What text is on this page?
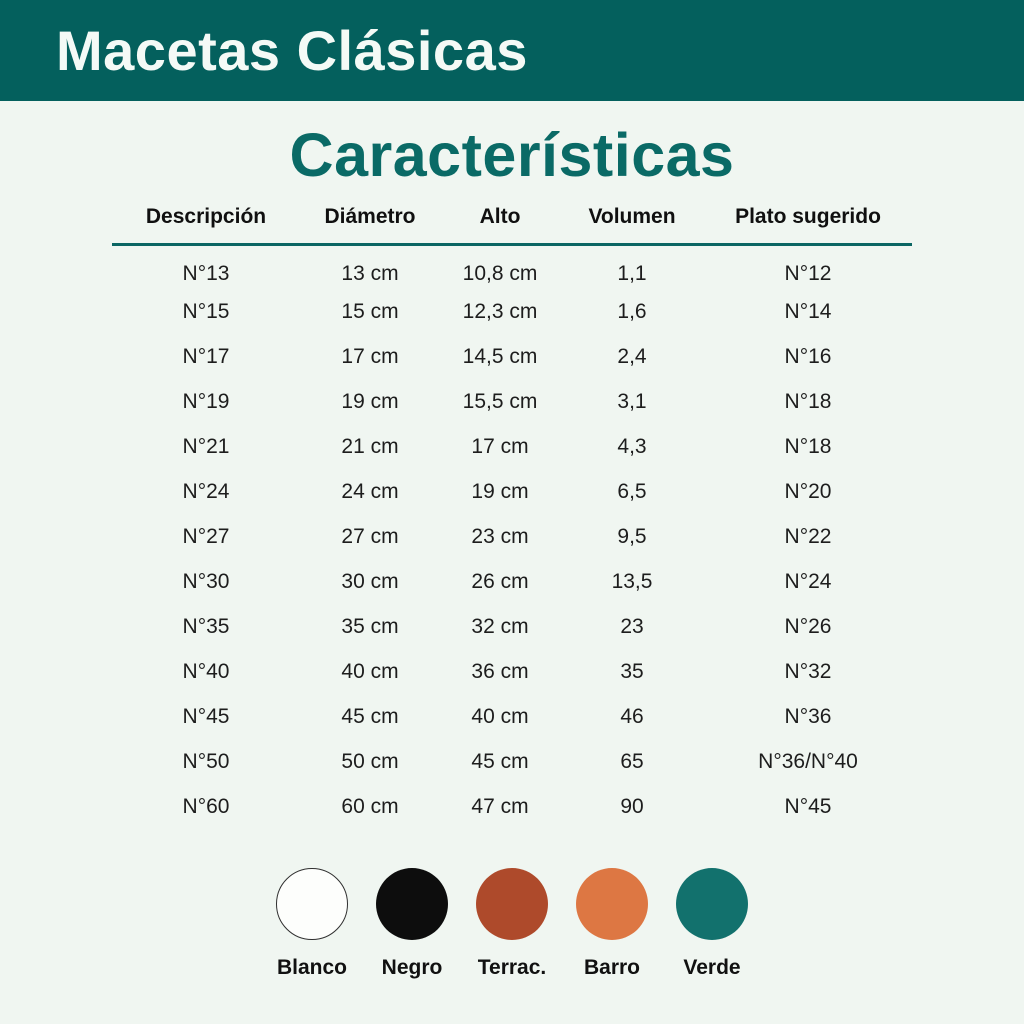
Macetas Clásicas
Características
Descripción	Diámetro	Alto	Volumen	Plato sugerido
N°13	13 cm	10,8 cm	1,1	N°12
N°15	15 cm	12,3 cm	1,6	N°14
N°17	17 cm	14,5 cm	2,4	N°16
N°19	19 cm	15,5 cm	3,1	N°18
N°21	21 cm	17 cm	4,3	N°18
N°24	24 cm	19 cm	6,5	N°20
N°27	27 cm	23 cm	9,5	N°22
N°30	30 cm	26 cm	13,5	N°24
N°35	35 cm	32 cm	23	N°26
N°40	40 cm	36 cm	35	N°32
N°45	45 cm	40 cm	46	N°36
N°50	50 cm	45 cm	65	N°36/N°40
N°60	60 cm	47 cm	90	N°45
Blanco Negro Terrac. Barro Verde
